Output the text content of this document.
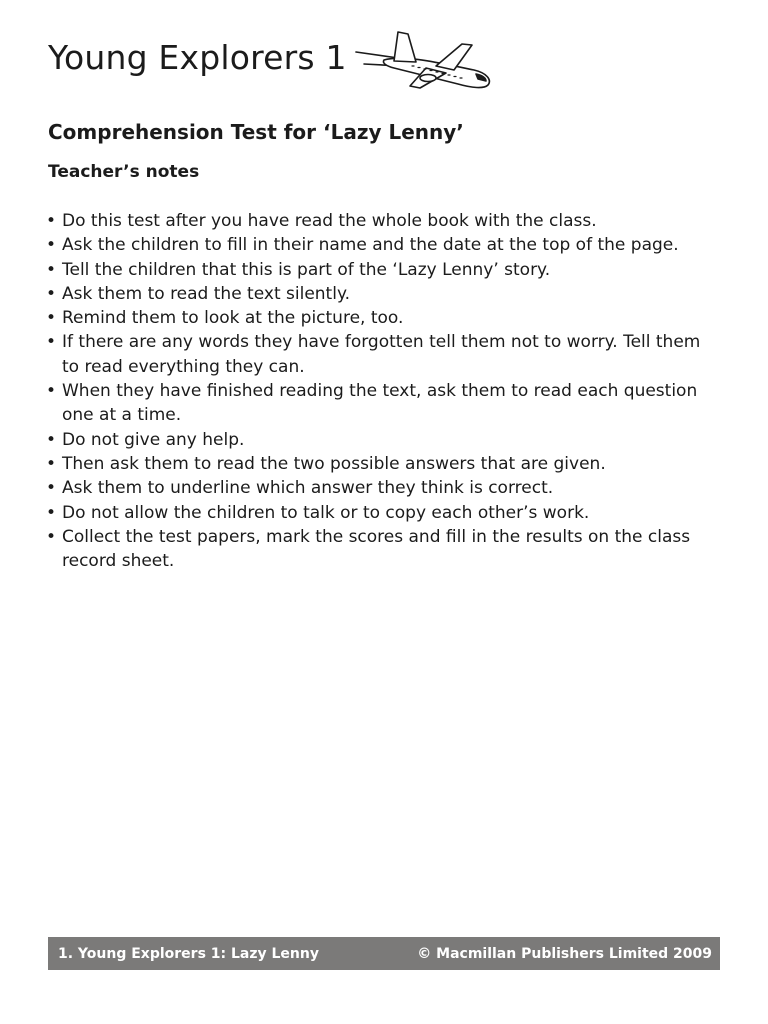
Young Explorers 1
Comprehension Test for ‘Lazy Lenny’
Teacher’s notes
• Do this test after you have read the whole book with the class.
• Ask the children to fill in their name and the date at the top of the page.
• Tell the children that this is part of the ‘Lazy Lenny’ story.
• Ask them to read the text silently.
• Remind them to look at the picture, too.
• If there are any words they have forgotten tell them not to worry. Tell them to read everything they can.
• When they have finished reading the text, ask them to read each question one at a time.
• Do not give any help.
• Then ask them to read the two possible answers that are given.
• Ask them to underline which answer they think is correct.
• Do not allow the children to talk or to copy each other’s work.
• Collect the test papers, mark the scores and fill in the results on the class record sheet.
1. Young Explorers 1: Lazy Lenny	© Macmillan Publishers Limited 2009
